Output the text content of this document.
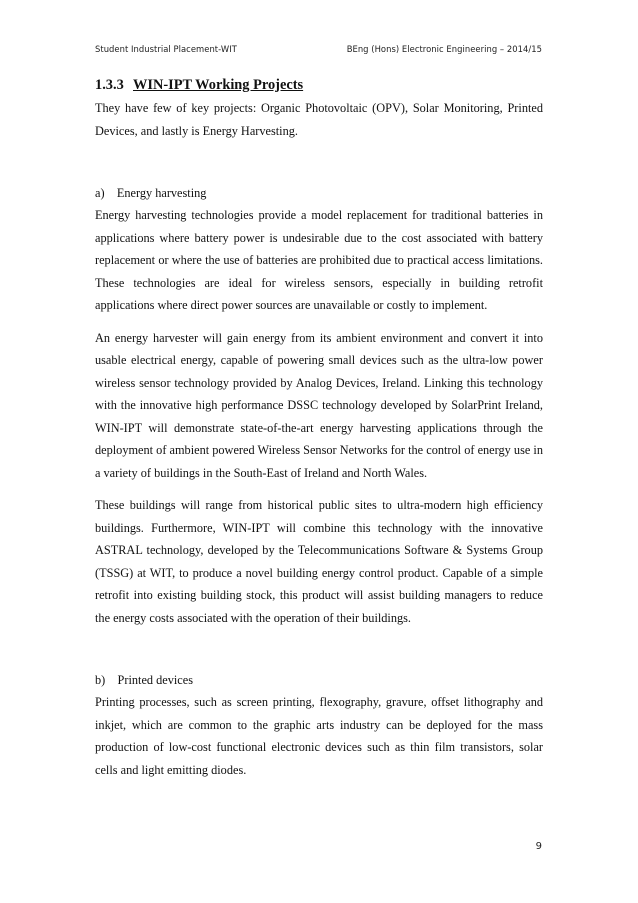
Student Industrial Placement-WIT	BEng (Hons) Electronic Engineering – 2014/15
1.3.3 WIN-IPT Working Projects

They have few of key projects: Organic Photovoltaic (OPV), Solar Monitoring, Printed Devices, and lastly is Energy Harvesting.

a) Energy harvesting

Energy harvesting technologies provide a model replacement for traditional batteries in applications where battery power is undesirable due to the cost associated with battery replacement or where the use of batteries are prohibited due to practical access limitations. These technologies are ideal for wireless sensors, especially in building retrofit applications where direct power sources are unavailable or costly to implement.

An energy harvester will gain energy from its ambient environment and convert it into usable electrical energy, capable of powering small devices such as the ultra-low power wireless sensor technology provided by Analog Devices, Ireland. Linking this technology with the innovative high performance DSSC technology developed by SolarPrint Ireland, WIN-IPT will demonstrate state-of-the-art energy harvesting applications through the deployment of ambient powered Wireless Sensor Networks for the control of energy use in a variety of buildings in the South-East of Ireland and North Wales.

These buildings will range from historical public sites to ultra-modern high efficiency buildings. Furthermore, WIN-IPT will combine this technology with the innovative ASTRAL technology, developed by the Telecommunications Software & Systems Group (TSSG) at WIT, to produce a novel building energy control product. Capable of a simple retrofit into existing building stock, this product will assist building managers to reduce the energy costs associated with the operation of their buildings.

b) Printed devices

Printing processes, such as screen printing, flexography, gravure, offset lithography and inkjet, which are common to the graphic arts industry can be deployed for the mass production of low-cost functional electronic devices such as thin film transistors, solar cells and light emitting diodes.

9
